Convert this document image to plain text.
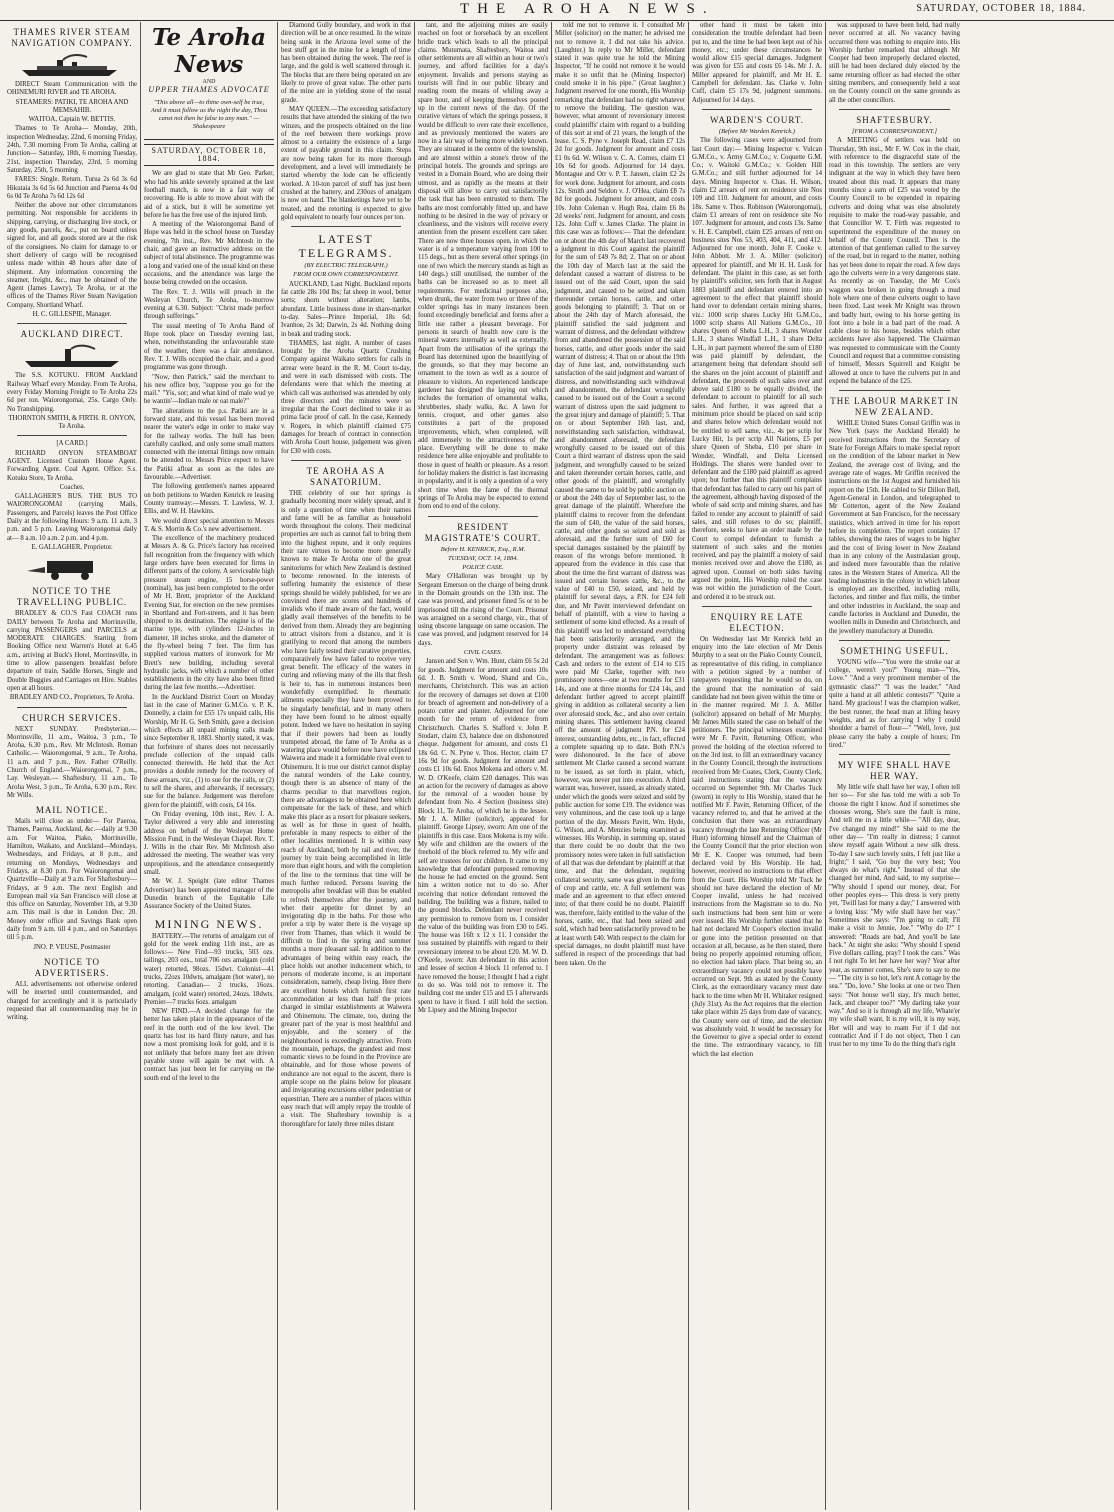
THE AROHA NEWS.	SATURDAY, OCTOBER 18, 1884.
THAMES RIVER STEAM NAVIGATION COMPANY.

DIRECT Steam Communication with the OHINEMURI RIVER and TE AROHA.

STEAMERS: PATIKI, TE AROHA AND MEMSAHIB.

WAITOA, Captain W. BETTIS.

Thames to Te Aroha— Monday, 20th, inspection Wednesday, 22nd, 6 morning Friday, 24th, 7.30 morning From Te Aroha, calling at Junction— Saturday, 18th, 6 morning Tuesday, 21st, inspection Thursday, 23rd, 5 morning Saturday, 25th, 5 morning

FARES: Single. Return. Turua 2s 6d 3s 6d Hikutaia 3s 6d 5s 6d Junction and Paeroa 4s 0d 6s 0d Te Aroha 7s 6d 12s 6d

Neither the above nor other circumstances permitting. Not responsible for accidents in shipping, carrying, or discharging live stock, or any goods, parcels, &c., put on board unless signed for, and all goods stored are at the risk of the consignees. No claim for damage to or short delivery of cargo will be recognised unless made within 48 hours after date of shipment. Any information concerning the steamer, freight, &c., may be obtained of the Agent (James Lawry), Te Aroha, or at the offices of the Thames River Steam Navigation Company, Shortland Wharf.

H. C. GILLESPIE, Manager.

AUCKLAND DIRECT.

The S.S. KOTUKU. FROM Auckland Railway Wharf every Monday. From Te Aroha, every Friday Morning Freight to Te Aroha 22s 6d per ton. Waiorongomai, 25s. Cargo Only. No Transhipping.

THORNTON SMITH, & FIRTH. R. ONYON, Te Aroha.

[A CARD.]

RICHARD ONYON STEAMBOAT AGENT. Licensed Custom House Agent. Forwarding Agent. Coal Agent. Office: S.s. Kotuku Store, Te Aroha.

Coaches.

GALLAGHER'S BUS. THE BUS TO WAIORONGOMAI (carrying Mails, Passengers, and Parcels) leaves the Post Office Daily at the following Hours: 9 a.m. 11 a.m. 3 p.m. and 5 p.m. Leaving Waiorongomai daily at— 8 a.m. 10 a.m. 2 p.m. and 4 p.m.

E. GALLAGHER, Proprietor.

NOTICE TO THE TRAVELLING PUBLIC.

BRADLEY & CO.'S Fast COACH runs DAILY between Te Aroha and Morrinsville, carrying PASSENGERS and PARCELS at MODERATE CHARGES. Starting from Booking Office next Warren's Hotel at 6.45 a.m., arriving at Buck's Hotel, Morrinsville, in time to allow passengers breakfast before departure of train. Saddle Horses, Single and Double Buggies and Carriages on Hire. Stables open at all hours.

BRADLEY AND CO., Proprietors, Te Aroha.

CHURCH SERVICES.

NEXT SUNDAY. Presbyterian.— Morrinsville, 11 a.m., Waitoa, 3 p.m., Te Aroha, 6.30 p.m., Rev. Mr McIntosh. Roman Catholic.— Waiorongomai, 9 a.m., Te Aroha, 11 a.m. and 7 p.m., Rev. Father O'Reilly. Church of England.—Waiorongomai, 7 p.m., Lay. Wesleyan.— Shaftesbury, 11 a.m., Te Aroha West, 3 p.m., Te Aroha, 6.30 p.m., Rev. Mr Wills.

MAIL NOTICE.

Mails will close as under— For Paeroa, Thames, Paeroa, Auckland, &c.—daily at 9.30 a.m. For Waitoa, Piako, Morrinsville, Hamilton, Waikato, and Auckland—Mondays, Wednesdays, and Fridays, at 8 p.m., and returning on Mondays, Wednesdays and Fridays, at 8.30 p.m. For Waiorongomai and Quartzville—Daily at 9 a.m. For Shaftesbury—Fridays, at 9 a.m. The next English and European mail via San Francisco will close at this office on Saturday, November 1th, at 9.30 a.m. This mail is due in London Dec. 20. Money order office and Savings Bank open daily from 9 a.m. till 4 p.m., and on Saturdays till 5 p.m.

JNO. P. VEUSE, Postmaster

NOTICE TO ADVERTISERS.

ALL advertisements not otherwise ordered will be inserted until countermanded, and charged for accordingly and it is particularly requested that all countermanding may be in writing.

Te Aroha News
AND
UPPER THAMES ADVOCATE
"This above all—to thine own-self be true, And it must follow as the night the day, Thou canst not then be false to any man." —Shakespeare
SATURDAY, OCTOBER 18, 1884.

We are glad to state that Mr Geo. Parker, who had his ankle severely sprained at the last football match, is now in a fair way of recovering. He is able to move about with the aid of a stick, but it will be sometime yet before he has the free use of the injured limb.

A meeting of the Waiorongomai Band of Hope was held in the school house on Tuesday evening, 7th inst., Rev. Mr McIntosh in the chair, and gave an instructive address on the subject of total abstinence. The programme was a long and varied one of the usual kind on these occasions, and the attendance was large the house being crowded on the occasion.

The Rev. T. J. Wills will preach in the Wesleyan Church, Te Aroha, to-morrow evening at 6.30. Subject: "Christ made perfect through sufferings."

The usual meeting of Te Aroha Band of Hope took place on Tuesday evening last, when, notwithstanding the unfavourable state of the weather, there was a fair attendance. Rev. T. J. Wills occupied the chair, and a good programme was gone through.

"Now, then Patrick," said the merchant to his new office boy, "suppose you go for the mail." "Yis, sor; and what kind of male wud ye be wantin'—Indian male or oat male?"

The alterations to the p.s. Patiki are in a forward state, and this vessel has been moved nearer the water's edge in order to make way for the railway works. The hull has been carefully caulked, and only some small matters connected with the internal fittings now remain to be attended to. Messrs Price expect to have the Patiki afloat as soon as the tides are favourable.—Advertiser.

The following gentlemen's names appeared on both petitions to Warden Kenrick re leasing County tramway:—Messrs. T. Lawless, W. J. Ellis, and W. H. Hawkins.

We would direct special attention to Messrs T. & S. Morrin & Co.'s new advertisement.

The excellence of the machinery produced at Messrs A. & G. Price's factory has received full recognition from the frequency with which large orders have been executed for firms in different parts of the colony. A serviceable high pressure steam engine, 15 horse-power (nominal), has just been completed to the order of Mr H. Brett, proprietor of the Auckland Evening Star, for erection on the new premises in Shortland and Fort-streets, and it has been shipped to its destination. The engine is of the marine type, with cylinders 12-inches in diameter, 18 inches stroke, and the diameter of the fly-wheel being 7 feet. The firm has supplied various matters of ironwork for Mr Brett's new building, including several hydraulic jacks, with which a number of other establishments in the city have also been fitted during the last few months.—Advertiser.

In the Auckland District Court on Monday last in the case of Mariner G.M.Co. v. P. K. Donnelly, a claim for £55 17s unpaid calls, His Worship, Mr H. G. Seth Smith, gave a decision which effects all unpaid mining calls made since September 8, 1883. Shortly stated, it was, that forfeiture of shares does not necessarily preclude collection of the unpaid calls connected therewith. He held that the Act provides a double remedy for the recovery of these arrears, viz., (1) to sue for the calls, or (2) to sell the shares, and afterwards, if necessary, sue for the balance. Judgement was therefore given for the plaintiff, with costs, £4 16s.

On Friday evening, 10th inst., Rev. J. A. Taylor delivered a very able and interesting address on behalf of the Wesleyan Home Mission Fund, in the Wesleyan Chapel. Rev. T. J. Wills in the chair Rev. Mr McIntosh also addressed the meeting. The weather was very unpropitious, and the attendance consequently small.

Mr W. J. Speight (late editor Thames Advertiser) has been appointed manager of the Dunedin branch of the Equitable Life Assurance Society of the United States.

MINING NEWS.

BATTERY.—The returns of amalgam cut of gold for the week ending 11th inst., are as follows:— New Find—93 trucks, 503 ozs. tailings, 203 ozs., total 706 ozs amalgam (cold water) retorted, 98ozs. 15dwt. Colonist—41 trucks, 22ozs 10dwts, amalgam (hot water), no retorting. Canadian— 2 trucks, 16ozs. amalgam, (cold water) retorted, 24ozs. 18dwts. Premier—7 trucks 6ozs. amalgam

NEW FIND.—A decided change for the better has taken place in the appearance of the reef in the north end of the low level. The quartz has lost its hard flinty nature, and has now a most promising look for gold, and it is not unlikely that before many feet are driven payable stone will again be met with. A contract has just been let for carrying on the south end of the level to the

Diamond Gully boundary, and work in that direction will be at once resumed. In the winze being sunk in the Arizona level some of the best stuff got in the mine for a length of time has been obtained during the week. The reef is large, and the gold is well scattered through it. The blocks that are there being operated on are likely to prove of great value. The other parts of the mine are in yielding stone of the usual grade.

MAY QUEEN.—The exceeding satisfactory results that have attended the sinking of the two winzes, and the prospects obtained on the line of the reef between there workings prove almost to a certainty the existence of a large extent of payable ground in this claim. Steps are now being taken for its more thorough development, and a level will immediately be started whereby the lode can be efficiently worked. A 10-ton parcel of stuff has just been crushed at the battery, and 230ozs of amalgam is now on hand. The blanketings have yet to be treated, and the retorting is expected to give gold equivalent to nearly four ounces per ton.

LATEST TELEGRAMS.
(BY ELECTRIC TELEGRAPH.)
FROM OUR OWN CORRESPONDENT.

AUCKLAND, Last Night. Buckland reports fat cattle 28s 10d lbs; fat sheep in wool, better sorts; shorn without alteration; lambs, abundant. Little business done in share-market to-day. Sales—Prince Imperial, 18s 6d; Ivanhoe, 2s 3d; Darwin, 2s 4d. Nothing doing in beak and trading stock.

THAMES, last night. A number of cases brought by the Aroha Quartz Crushing Company against Waikato settlers for calls in arrear were heard in the R. M. Court to-day, and were in each dismissed with costs. The defendants were that which the meeting at which call was authorised was attended by only three directors and the minutes were so irregular that the Court declined to take it as prima facie proof of call. In the case, Kennedy v. Rogers, in which plaintiff claimed £75 damages for breach of contract in connection with Aroha Court house, judgement was given for £30 with costs.

TE AROHA AS A SANATORIUM.

THE celebrity of our hot springs is gradually becoming more widely spread, and it is only a question of time when their names and fame will be as familiar as household words throughout the colony. Their medicinal properties are such as cannot fail to bring them into the highest repute, and it only requires their rare virtues to become more generally known to make Te Aroha one of the great sanitoriums for which New Zealand is destined to become renowned. In the interests of suffering humanity the existence of these springs should be widely published, for we are convinced there are scores and hundreds of invalids who if made aware of the fact, would gladly avail themselves of the benefits to be derived from them. Already they are beginning to attract visitors from a distance, and it is gratifying to record that among the numbers who have fairly tested their curative properties, comparatively few have failed to receive very great benefit. The efficacy of the waters in curing and relieving many of the ills that flesh is heir to, has in numerous instances been wonderfully exemplified. In rheumatic ailments especially they have been proved to be singularly beneficial, and in many others they have been found to be almost equally potent. Indeed we have no hesitation in saying that if their powers had been as loudly trumpeted abroad, the fame of Te Aroha as a watering place would before now have eclipsed Waiwera and made it a formidable rival even to Ohinemuru. It is true our district cannot display the natural wonders of the Lake country, though there is an absence of many of the charms peculiar to that marvellous region, there are advantages to be obtained here which compensate for the lack of these, and which make this place as a resort for pleasure seekers, as well as for those in quest of health, preferable in many respects to either of the other localities mentioned. It is within easy reach of Auckland, both by rail and river, the journey by train being accomplished in little more than eight hours, and with the completion of the line to the terminus that time will be much further reduced. Persons leaving the metropolis after breakfast will thus be enabled to refresh themselves after the journey, and whet their appetite for dinner by an invigorating dip in the baths. For those who prefer a trip by water there is the voyage up river from Thames, than which it would be difficult to find in the spring and summer months a more pleasant sail. In addition to the advantages of being within easy reach, the place holds out another inducement which, to persons of moderate income, is an important consideration, namely, cheap living. Here there are excellent hotels which furnish first rate accommodation at less than half the prices charged in similar establishments at Waiwera and Ohinemutu. The climate, too, during the greater part of the year is most healthful and enjoyable, and the scenery of the neighbourhood is exceedingly attractive. From the mountain, perhaps, the grandest and most romantic views to be found in the Province are obtainable, and for those whose powers of endurance are not equal to the ascent, there is ample scope on the plains below for pleasant and invigorating excursions either pedestrian or equestrian. There are a number of places within easy reach that will amply repay the trouble of a visit. The Shaftesbury township is a thoroughfare for lately three miles distant

tant, and the adjoining mines are easily reached on foot or horseback by an excellent bridle track which leads to all the principal claims. Mutumata, Shaftesbury, Waitoa and other settlements are all within an hour or two's journey, and afford facilities for a day's enjoyment. Invalids and persons staying as tourists will find in our public library and reading room the means of whiling away a spare hour, and of keeping themselves posted up in the current news of the day. Of the curative virtues of which the springs possess, it would be difficult to over rate their excellence, and as previously mentioned the waters are now in a fair way of being more widely known. They are situated in the centre of the township, and are almost within a stone's throw of the principal hotels. The grounds and springs are vested in a Domain Board, who are doing their utmost, and as rapidly as the means at their disposal will allow to carry out satisfactorily the task that has been entrusted to them. The baths are most comfortably fitted up, and have nothing to be desired in the way of privacy or cleanliness, and the visitors will receive every attention from the present excellent care taker. There are now three houses open, in which the water is of a temperature varying from 100 to 115 degs., but as there several other springs (in one of two which the mercury stands as high as 140 degs.) still unutilised, the number of the baths can be increased so as to meet all requirements. For medicinal purposes also, when drunk, the water from two or three of the colder springs has in many instances been found exceedingly beneficial and forms after a little use rather a pleasant beverage. For persons in search of health now cure is the mineral waters internally as well as externally. Apart from the utilisation of the springs the Board has determined upon the beautifying of the grounds, so that they may become an ornament to the town as well as a source of pleasure to visitors. An experienced landscape gardener has designed the laying out which includes the formation of ornamental walks, shrubberies, shady walks, &c. A lawn for tennis, croquet, and other games also constitutes a part of the proposed improvements, which, when completed, will add immensely to the attractiveness of the place. Everything will be done to make residence here alike enjoyable and profitable to those in quest of health or pleasure. As a resort for holiday makers the district is fast increasing in popularity, and it is only a question of a very short time when the fame of the thermal springs of Te Aroha may be expected to extend from end to end of the colony.

RESIDENT MAGISTRATE'S COURT.
Before H. KENRICK, Esq., R.M.
TUESDAY, OCT. 14, 1884.
POLICE CASE.

Mary O'Halloran was brought up by Sergeant Emerson on the charge of being drunk in the Domain grounds on the 13th inst. The case was proved, and prisoner fined 5s or to be imprisoned till the rising of the Court. Prisoner was arraigned on a second charge, viz., that of using obscene language on same occasion. The case was proved, and judgment reserved for 14 days.

CIVIL CASES.

Jansen and Son v. Wm. Hunt, claim £6 5s 2d for goods. Judgment for amount and costs 10s 6d. J. B. Smith v. Wood, Shand and Co., merchants, Christchurch. This was an action for the recovery of damages set down at £100 for breach of agreement and non-delivery of a potato cutter and planter. Adjourned for one month for the return of evidence from Christchurch. Charles S. Stafford v. John P. Stodart, claim £3, balance due on dishonoured cheque. Judgement for amount, and costs £1 18s 6d. C. N. Pyne v. Thos. Hector, claim £7 16s 9d for goods. Judgment for amount and costs £1 10s 6d. Enos Mokena and others v. M. W. D. O'Keefe, claim £20 damages. This was an action for the recovery of damages as above for the removal of a wooden house by defendant from No. 4 Section (business site) Block 11, Te Aroha, of which he is the lessee. Mr J. A. Miller (solicitor), appeared for plaintiff. George Lipsey, sworn: Am one of the plaintiffs in this case. Enos Mokena is my wife. My wife and children are the owners of the freehold of the block referred to. My wife and self are trustees for our children. It came to my knowledge that defendant purposed removing the house he had erected on the ground. Sent him a written notice not to do so. After receiving that notice defendant removed the building. The building was a fixture, nailed to the ground blocks. Defendant never received any permission to remove from us. I consider the value of the building was from £30 to £45. The house was 16ft x 12 x 11. I consider the loss sustained by plaintiffs with regard to their reversionary interest to be about £20. M. W. D. O'Keefe, sworn: Am defendant in this action and lessee of section 4 block 11 referred to. I have removed the house; I thought I had a right to do so. Was told not to remove it. The building cost me under £15 and £5 I afterwards spent to have it fixed. I still hold the section. Mr Lipsey and the Mining Inspector

told me not to remove it. I consulted Mr Miller (solicitor) on the matter; he advised me not to remove it. I did not take his advice. (Laughter.) In reply to Mr Miller, defendant stated it was quite true he told the Mining Inspector, "If he could not remove it he would make it so unfit that he (Mining Inspector) could smoke it in his pipe." (Great laughter.) Judgment reserved for one month, His Worship remarking that defendant had no right whatever to remove the building. The question was, however, what amount of reversionary interest could plaintiffs' claim with regard to a building of this sort at end of 21 years, the length of the lease. C. S. Pyne v. Joseph Read, claim £7 12s 2d for goods. Judgment for amount and costs £1 0s 6d. W. Wilson v. C. A. Cornes, claim £1 10s 6d for goods. Adjourned for 14 days. Montague and Orr v. P. T. Jansen, claim £2 2s for work done. Judgment for amount, and costs 12s. Smith and Seldon v. J. O'Hea, claim £8 7s 8d for goods. Judgment for amount, and costs 10s. John Coleman v. Hugh Rea, claim £6 8s 2d weeks' rent. Judgment for amount, and costs 12s. John Cuff v. James Clarke. The plaint in this case was as follows:— That the defendant on or about the 4th day of March last recovered a judgment in this Court against the plaintiff for the sum of £49 7s 8d; 2. That on or about the 10th day of March last at the said the defendant caused a warrant of distress to be issued out of the said Court, upon the said judgment, and caused to be seized and taken thereunder certain horses, cattle, and other goods belonging to plaintiff; 3. That on or about the 24th day of March aforesaid, the plaintiff satisfied the said judgment and warrant of distress, and the defendant withdrew from and abandoned the possession of the said horses, cattle, and other goods under the said warrant of distress; 4. That on or about the 19th day of June last, and, notwithstanding such satisfaction of the said judgment and warrant of distress, and notwithstanding such withdrawal and abandonment, the defendant wrongfully caused to be issued out of the Court a second warrant of distress upon the said judgment to the great injury and damage of plaintiff; 5. That on or about September 16th last, and, notwithstanding such satisfaction, withdrawal, and abandonment aforesaid, the defendant wrongfully caused to be issued out of this Court a third warrant of distress upon the said judgment, and wrongfully caused to be seized and taken thereunder certain horses, cattle, and other goods of the plaintiff, and wrongfully caused the same to be sold by public auction on or about the 24th day of September last, to the great damage of the plaintiff. Wherefore the plaintiff claims to recover from the defendant the sum of £40, the value of the said horses, cattle, and other goods so seized and sold as aforesaid, and the further sum of £60 for special damages sustained by the plaintiff by reason of the wrongs before mentioned. It appeared from the evidence in this case that about the time the first warrant of distress was issued and certain horses cattle, &c., to the value of £40 to £50, seized, and held by plaintiff for several days, a P.N. for £24 fell due, and Mr Pavitt interviewed defendant on behalf of plaintiff, with a view to having a settlement of some kind effected. As a result of this plaintiff was led to understand everything had been satisfactorily arranged, and the property under distraint was released by defendant. The arrangement was as follows: Cash and orders to the extent of £14 to £15 were paid Mr Clarke, together with two promissory notes—one at two months for £31 14s, and one at three months for £24 14s, and defendant further agreed to accept plaintiff giving in addition as collateral security a lien over aforesaid stock, &c., and also over certain mining shares. This settlement having cleared off the amount of judgment P.N. for £24 interest, outstanding debts, etc., in fact, effected a complete squaring up to date. Both P.N.'s were dishonoured. In the face of above settlement Mr Clarke caused a second warrant to be issued, as set forth in plaint, which, however, was never put into execution. A third warrant was, however, issued, as already stated, under which the goods were seized and sold by public auction for some £19. The evidence was very voluminous, and the case took up a large portion of the day. Messrs Pavitt, Wm. Hyde, G. Wilson, and A. Menzies being examined as witnesses. His Worship, in summing up, stated that there could be no doubt that the two promissory notes were taken in full satisfaction of all that was due defendant by plaintiff at that time, and that the defendant, requiring collateral security, same was given in the form of crop and cattle, etc. A full settlement was made and an agreement to that effect entered into; of that there could be no doubt. Plaintiff was, therefore, fairly entitled to the value of the horses, cattle, etc., that had been seized and sold, which had been satisfactorily proved to be at least worth £40. With respect to the claim for special damages, no doubt plaintiff must have suffered in respect of the proceedings that had been taken. On the

other hand it must be taken into consideration the trouble defendant had been put to, and the time he had been kept out of his money, etc.; under these circumstances he would allow £15 special damages. Judgment was given for £55 and costs £6 14s. Mr J. A. Miller appeared for plaintiff, and Mr H. E. Campbell for defendant. Jas. Clarke v. John Cuff, claim £5 17s 9d, judgment summons. Adjourned for 14 days.

WARDEN'S COURT.
(Before Mr Warden Kenrick.)

The following cases were adjourned from last Court day:— Mining Inspector v. Vulcan G.M.Co., v. Army G.M.Co.; v. Coquette G.M. Co.; v. Waitoki G.M.Co.; v. Golden Hill G.M.Co.; and still further adjourned for 14 days. Mining Inspector v. Chas. H. Wilson, claim £2 arrears of rent on residence site Nos 109 and 110. Judgment for amount, and costs 18s. Same v. Thos. Robinson (Waiorongomai), claim £1 arrears of rent on residence site No 107. Judgment for amount, and costs 13s. Same v. H. E. Campbell, claim £25 arrears of rent on business sites Nos 53, 403, 404, 411, and 412. Adjourned for one month. John F. Cooke v. John Abbott. Mr J. A. Miller (solicitor) appeared for plaintiff, and Mr H. H. Lusk for defendant. The plaint in this case, as set forth by plaintiff's solicitor, sets forth that in August 1883 plaintiff and defendant entered into an agreement to the effect that plaintiff should hand over to defendant certain mining shares, viz.: 1000 scrip shares Lucky Hit G.M.Co., 1000 scrip shares All Nations G.M.Co., 10 shares Queen of Sheba L.H., 3 shares Wonder L.H., 3 shares Windfall L.H., 1 share Delta L.H., in part payment whereof the sum of £180 was paid plaintiff by defendant, the arrangement being that defendant should sell the shares on the joint account of plaintiff and defendant, the proceeds of such sales over and above said £180 to be equally divided, the defendant to account to plaintiff for all such sales. And further, it was agreed that a minimum price should be placed on said scrip and shares below which defendant would not be entitled to sell same, viz., 4s per scrip for Lucky Hit, 1s per scrip All Nations, £5 per share Queen of Sheba, £10 per share in Wonder, Windfall, and Delta Licensed Holdings. The shares were handed over to defendant and the £180 paid plaintiff as agreed upon; but further than this plaintiff complains that defendant has failed to carry out his part of the agreement, although having disposed of the whole of said scrip and mining shares, and has failed to render any account to plaintiff of said sales, and still refuses to do so; plaintiff, therefore, seeks to have an order made by the Court to compel defendant to furnish a statement of such sales and the monies received, and pay the plaintiff a moiety of said monies received over and above the £180, as agreed upon. Counsel on both sides having argued the point, His Worship ruled the case was not within the jurisdiction of the Court, and ordered it to be struck out.

ENQUIRY RE LATE ELECTION.

On Wednesday last Mr Kenrick held an enquiry into the late election of Mr Denis Murphy to a seat on the Piako County Council, as representative of this riding, in compliance with a petition signed by a number of ratepayers requesting that he would so do, on the ground that the nomination of said candidate had not been given within the time or in the manner required. Mr J. A. Miller (solicitor) appeared on behalf of Mr Murphy. Mr James Mills stated the case on behalf of the petitioners. The principal witnesses examined were Mr F. Pavitt, Returning Officer, who proved the holding of the election referred to on the 3rd inst. to fill an extraordinary vacancy in the County Council, through the instructions received from Mr Coates, Clerk, County Clerk, said instructions stating that the vacancy occurred on September 9th. Mr Charles Tuck (sworn) in reply to His Worship, stated that he notified Mr F. Pavitt, Returning Officer, of the vacancy referred to, and that he arrived at the conclusion that there was an extraordinary vacancy through the late Returning Officer (Mr Hunt) informing himself and the Chairman of the County Council that the prior election won Mr E. K. Cooper was returned, had been declared void by His Worship. He had, however, received no instructions to that effect from the Court. His Worship told Mr Tuck he should not have declared the election of Mr Cooper invalid, unless he had received instructions from the Magistrate so to do. No such instructions had been sent him or were ever issued. His Worship further stated that he had not declared Mr Cooper's election invalid or gone into the petition presented on that occasion at all, because, as he then stated, there being no properly appointed returning officer, no election had taken place. That being so, an extraordinary vacancy could not possibly have occurred on Sept. 9th as stated by the County Clerk, as the extraordinary vacancy must date back to the time when Mr H. Whitaker resigned (July 31st). As the Act requires that the election take place within 25 days from date of vacancy, the County were out of time, and the election was absolutely void. It would be necessary for the Governor to give a special order to extend the time. The extraordinary vacancy, to fill which the last election

was supposed to have been held, had really never occurred at all. No vacancy having occurred there was nothing to enquire into. His Worship further remarked that although Mr Cooper had been improperly declared elected, still he had been declared duly elected by the same returning officer as had elected the other sitting members, and consequently held a seat on the County council on the same grounds as all the other councillors.

SHAFTESBURY.
[FROM A CORRESPONDENT.]

A MEETING of settlers was held on Thursday, 9th inst., Mr F. W. Cox in the chair, with reference to the disgraceful state of the road in this township. The settlers are very indignant at the way in which they have been treated about this road. It appears that many months since a sum of £25 was voted by the County Council to be expended in repairing culverts and doing what was else absolutely requisite to make the road-way passable, and that Councillor W. T. Firth was requested to superintend the expenditure of the money on behalf of the County Council. Then is the attention of that gentleman called to the survey of the road, but in regard to the matter, nothing has yet been done to repair the road. A few days ago the culverts were in a very dangerous state. As recently as on Tuesday, the Mr Cox's waggon was broken in going through a mud hole where one of these culverts ought to have been fixed. Last week Mr Knight was thrown and badly hurt, owing to his horse getting its foot into a hole in a bad part of the road. A cable close to his house, besides which other accidents have also happened. The Chairman was requested to communicate with the County Council and request that a committee consisting of himself, Messrs Squirrell and Knight be allowed at once to have the culverts put in and expend the balance of the £25.

THE LABOUR MARKET IN NEW ZEALAND.

WHILE United States Consul Griffin was in New York (says the Auckland Herald) he received instructions from the Secretary of State for Foreign Affairs to make special report on the condition of the labour market in New Zealand, the average cost of living, and the average rate of wages. Mr Griffin received the instructions on the 1st August and furnished his report on the 15th. He cabled to Sir Dillon Bell, Agent-General in London, and telegraphed to Mr Cotterton, agent of the New Zealand Government at San Francisco, for the necessary statistics, which arrived in time for his report before its completion. The report contains 17 tables, showing the rates of wages to be higher and the cost of living lower in New Zealand than in any colony of the Australasian group, and indeed more favourable than the relative rates in the Western States of America. All the leading industries in the colony in which labour is employed are described, including mills, factories, and timber and flax mills, the timber and other industries in Auckland, the soap and candle factories in Auckland and Dunedin, the woollen mills in Dunedin and Christchurch, and the jewellery manufactory at Dunedin.

SOMETHING USEFUL.

YOUNG wife—"You were the stroke oar at college, weren't you?" Young man—"Yes, Love." "And a very prominent member of the gymnastic class?" "I was the leader." "And quite a hand at all athletic contests?" "Quite a hand. My gracious! I was the champion walker, the best runner, the head man at lifting heavy weights, and as for carrying I why I could shoulder a barrel of flour—" "Well, love, just please carry the baby a couple of hours; I'm tired."

MY WIFE SHALL HAVE HER WAY.

My little wife shall have her way, I often tell her so— For she has told me with a sob To choose the right I know. And if sometimes she chooses wrong, She's sure the fault is mine, And tell me in a little while— "All day, dear, I've changed my mind!" She said to me the other day— "I'm really in distress; I cannot show myself again Without a new silk dress. To-day I saw such lovely suits, I felt just like a fright;" I said, "Go buy the very best; You always do what's right." Instead of that she changed her mind, And said, to my surprise— "Why should I spend our money, dear, For other peoples eyes— This dress is very pretty yet, 'Twill last for many a day;" I answered with a loving kiss: "My wife shall have her way." Sometimes she says: "I'm going to call; I'll make a visit to Jennie, Joe." "Why do I?" I answered: "Roads are bad, And you'll be late back." At night she asks: "Why should I spend Five dollars calling, pray? I took the cars." Was I not right To let her have her way? Year after year, as summer comes, She's sure to say to me— "The city is so hot, let's rent A cottage by the sea." "Do, love." She looks at one or two Then says: "Not house we'll stay, It's much better, Jack, and cheaper too?" "My darling take your way." And so it is through all my life, Whate'er my wife shall want, It is my will, it is my way, Her will and way to roam For if I did not contradict And if I do not object, Then I can trust her to my time To do the thing that's right
